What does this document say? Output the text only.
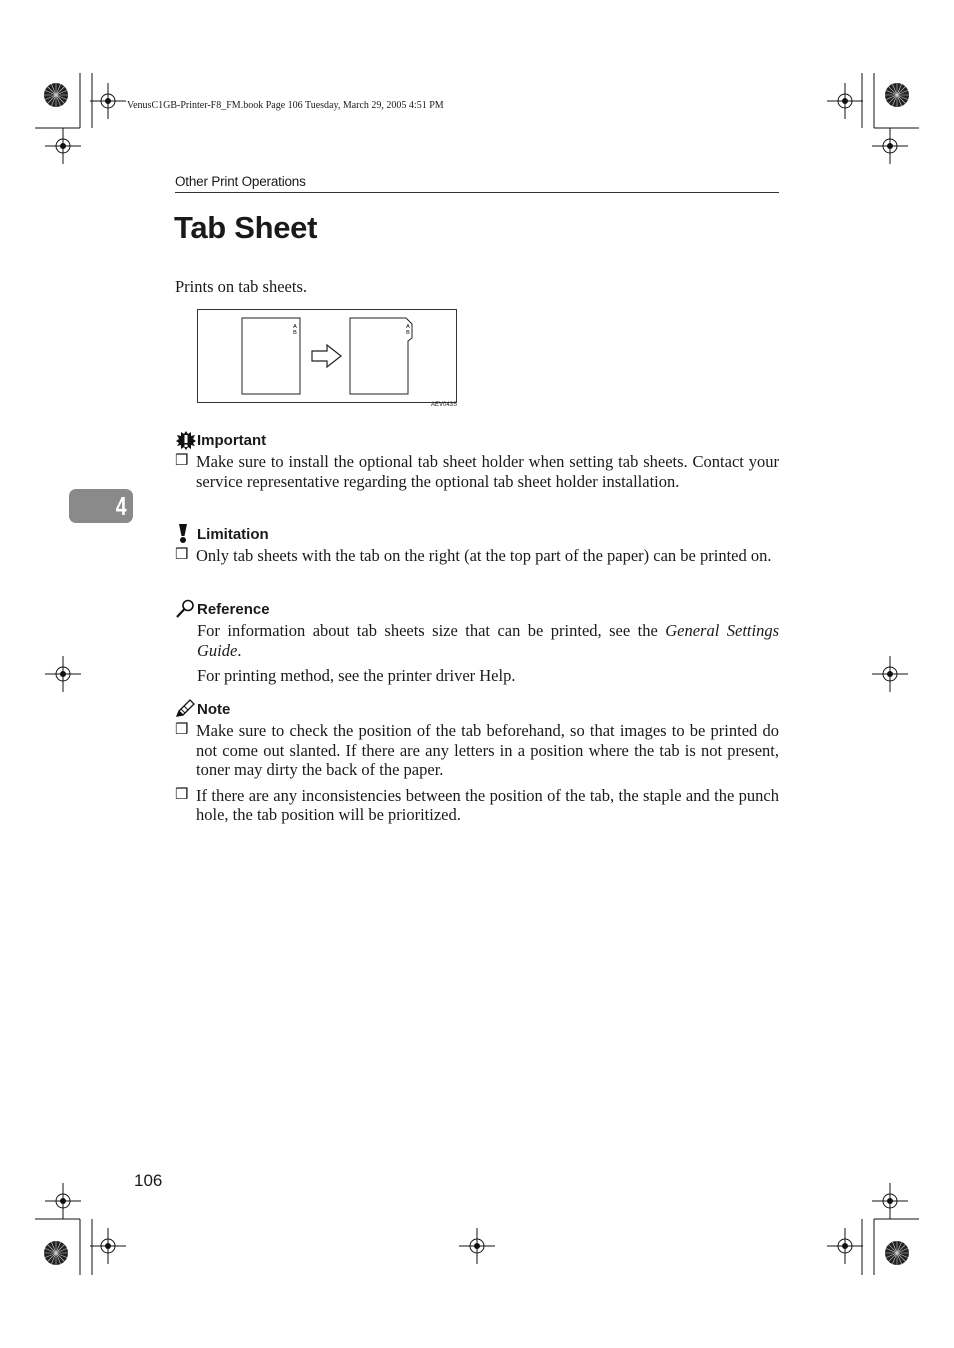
VenusC1GB-Printer-F8_FM.book Page 106 Tuesday, March 29, 2005 4:51 PM
Other Print Operations
Tab Sheet
Prints on tab sheets.
A
B
A
B
AEV043S
4
Important
❒ Make sure to install the optional tab sheet holder when setting tab sheets. Contact your service representative regarding the optional tab sheet holder installation.
Limitation
❒ Only tab sheets with the tab on the right (at the top part of the paper) can be printed on.
Reference
For information about tab sheets size that can be printed, see the General Settings Guide.
For printing method, see the printer driver Help.
Note
❒ Make sure to check the position of the tab beforehand, so that images to be printed do not come out slanted. If there are any letters in a position where the tab is not present, toner may dirty the back of the paper.
❒ If there are any inconsistencies between the position of the tab, the staple and the punch hole, the tab position will be prioritized.
106
